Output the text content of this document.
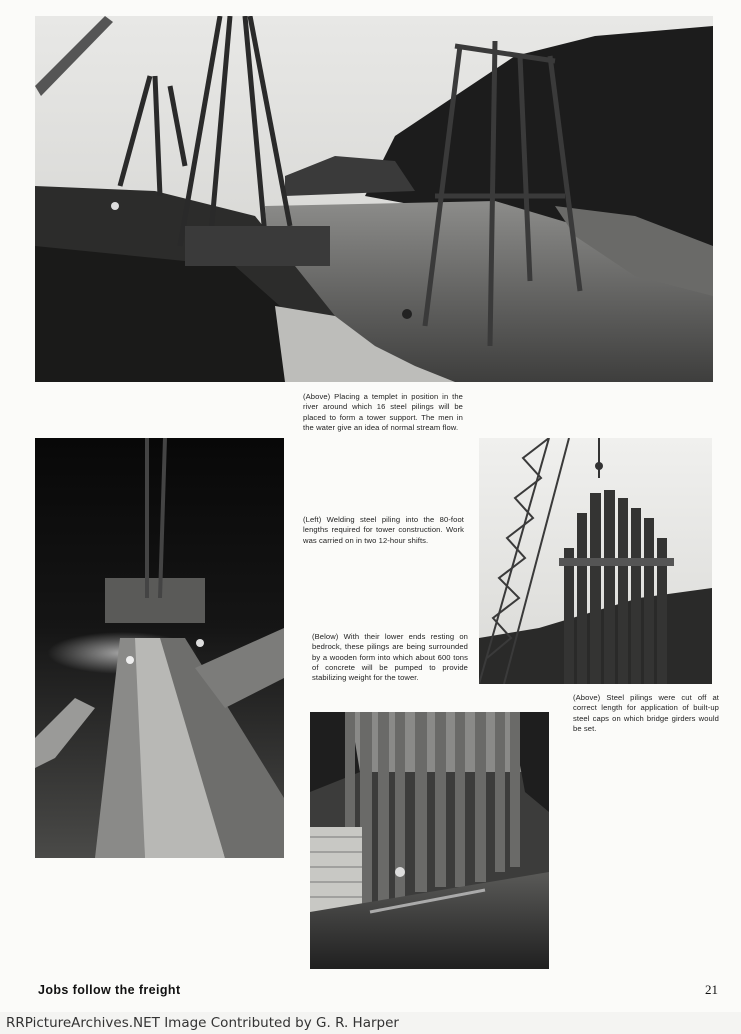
(Above) Placing a templet in position in the river around which 16 steel pilings will be placed to form a tower support. The men in the water give an idea of normal stream flow.
(Left) Welding steel piling into the 80-foot lengths required for tower construction. Work was carried on in two 12-hour shifts.
(Below) With their lower ends resting on bedrock, these pilings are being surrounded by a wooden form into which about 600 tons of concrete will be pumped to provide stabilizing weight for the tower.
(Above) Steel pilings were cut off at correct length for application of built-up steel caps on which bridge girders would be set.
Jobs follow the freight	21
RRPictureArchives.NET Image Contributed by G. R. Harper
